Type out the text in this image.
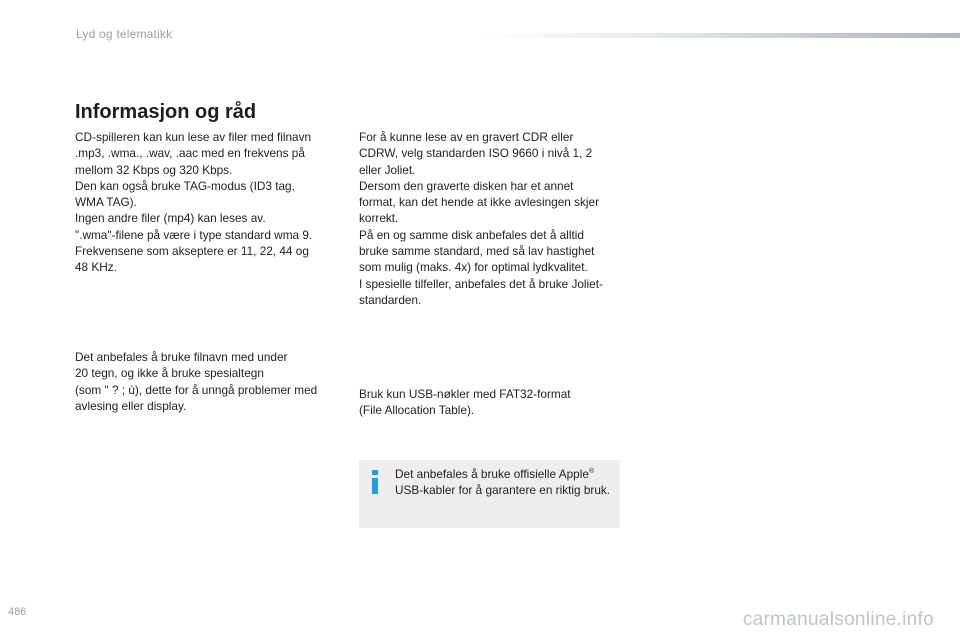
Lyd og telematikk
Informasjon og råd

CD-spilleren kan kun lese av filer med filnavn
.mp3, .wma., .wav, .aac med en frekvens på
mellom 32 Kbps og 320 Kbps.
Den kan også bruke TAG-modus (ID3 tag,
WMA TAG).
Ingen andre filer (mp4) kan leses av.
".wma"-filene på være i type standard wma 9.
Frekvensene som akseptere er 11, 22, 44 og
48 KHz.

Det anbefales å bruke filnavn med under
20 tegn, og ikke å bruke spesialtegn
(som " ? ; ù), dette for å unngå problemer med
avlesing eller display.

For å kunne lese av en gravert CDR eller
CDRW, velg standarden ISO 9660 i nivå 1, 2
eller Joliet.
Dersom den graverte disken har et annet
format, kan det hende at ikke avlesingen skjer
korrekt.
På en og samme disk anbefales det å alltid
bruke samme standard, med så lav hastighet
som mulig (maks. 4x) for optimal lydkvalitet.
I spesielle tilfeller, anbefales det å bruke Joliet-
standarden.

Bruk kun USB-nøkler med FAT32-format
(File Allocation Table).

Det anbefales å bruke offisielle Apple® USB-kabler for å garantere en riktig bruk.

486	carmanualsonline.info
